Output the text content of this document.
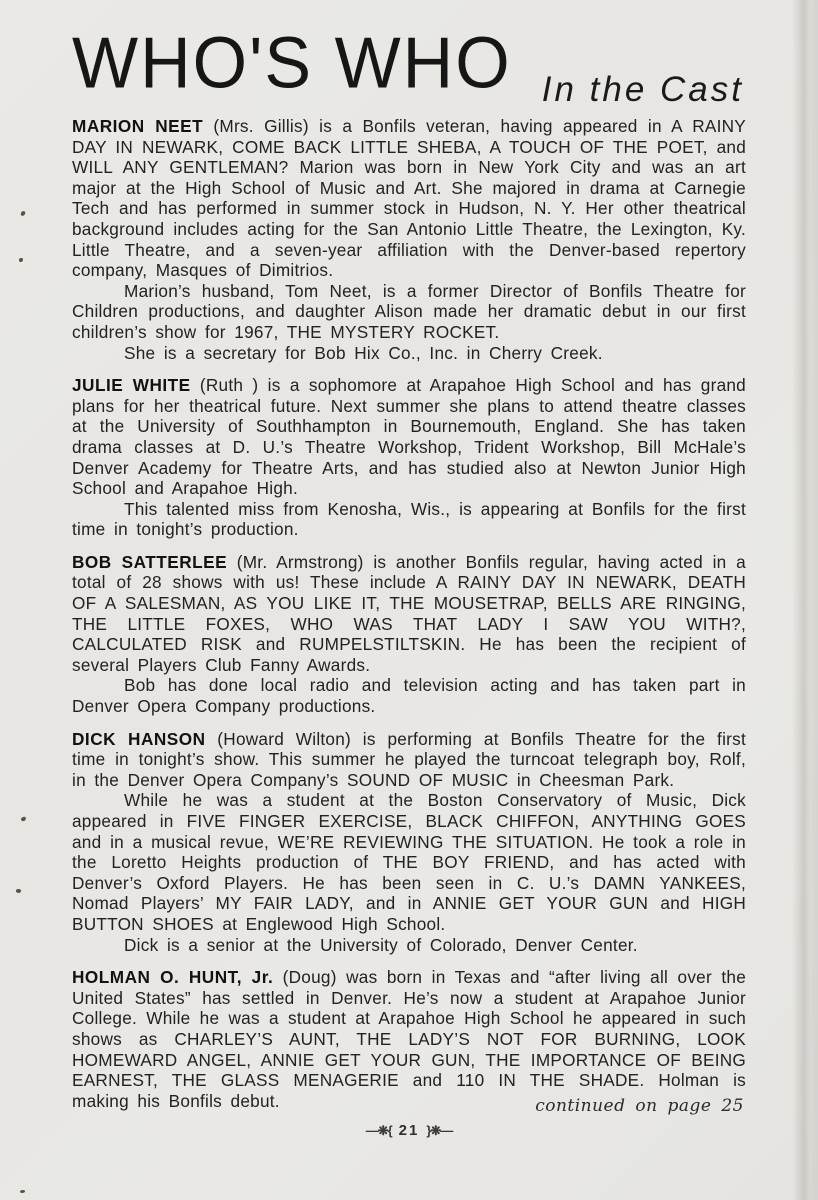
WHO'S WHO In the Cast

MARION NEET (Mrs. Gillis) is a Bonfils veteran, having appeared in A RAINY DAY IN NEWARK, COME BACK LITTLE SHEBA, A TOUCH OF THE POET, and WILL ANY GENTLEMAN? Marion was born in New York City and was an art major at the High School of Music and Art. She majored in drama at Carnegie Tech and has performed in summer stock in Hudson, N. Y. Her other theatrical background includes acting for the San Antonio Little Theatre, the Lexington, Ky. Little Theatre, and a seven-year affiliation with the Denver-based repertory company, Masques of Dimitrios.

Marion’s husband, Tom Neet, is a former Director of Bonfils Theatre for Children productions, and daughter Alison made her dramatic debut in our first children’s show for 1967, THE MYSTERY ROCKET.

She is a secretary for Bob Hix Co., Inc. in Cherry Creek.

JULIE WHITE (Ruth ) is a sophomore at Arapahoe High School and has grand plans for her theatrical future. Next summer she plans to attend theatre classes at the University of Southhampton in Bournemouth, England. She has taken drama classes at D. U.’s Theatre Workshop, Trident Workshop, Bill McHale’s Denver Academy for Theatre Arts, and has studied also at Newton Junior High School and Arapahoe High.

This talented miss from Kenosha, Wis., is appearing at Bonfils for the first time in tonight’s production.

BOB SATTERLEE (Mr. Armstrong) is another Bonfils regular, having acted in a total of 28 shows with us! These include A RAINY DAY IN NEWARK, DEATH OF A SALESMAN, AS YOU LIKE IT, THE MOUSETRAP, BELLS ARE RINGING, THE LITTLE FOXES, WHO WAS THAT LADY I SAW YOU WITH?, CALCULATED RISK and RUMPELSTILTSKIN. He has been the recipient of several Players Club Fanny Awards.

Bob has done local radio and television acting and has taken part in Denver Opera Company productions.

DICK HANSON (Howard Wilton) is performing at Bonfils Theatre for the first time in tonight’s show. This summer he played the turncoat telegraph boy, Rolf, in the Denver Opera Company’s SOUND OF MUSIC in Cheesman Park.

While he was a student at the Boston Conservatory of Music, Dick appeared in FIVE FINGER EXERCISE, BLACK CHIFFON, ANYTHING GOES and in a musical revue, WE’RE REVIEWING THE SITUATION. He took a role in the Loretto Heights production of THE BOY FRIEND, and has acted with Denver’s Oxford Players. He has been seen in C. U.’s DAMN YANKEES, Nomad Players’ MY FAIR LADY, and in ANNIE GET YOUR GUN and HIGH BUTTON SHOES at Englewood High School.

Dick is a senior at the University of Colorado, Denver Center.

HOLMAN O. HUNT, Jr. (Doug) was born in Texas and “after living all over the United States” has settled in Denver. He’s now a student at Arapahoe Junior College. While he was a student at Arapahoe High School he appeared in such shows as CHARLEY’S AUNT, THE LADY’S NOT FOR BURNING, LOOK HOMEWARD ANGEL, ANNIE GET YOUR GUN, THE IMPORTANCE OF BEING EARNEST, THE GLASS MENAGERIE and 110 IN THE SHADE. Holman is making his Bonfils debut.	continued on page 25
—❋{ 21 }❋—
